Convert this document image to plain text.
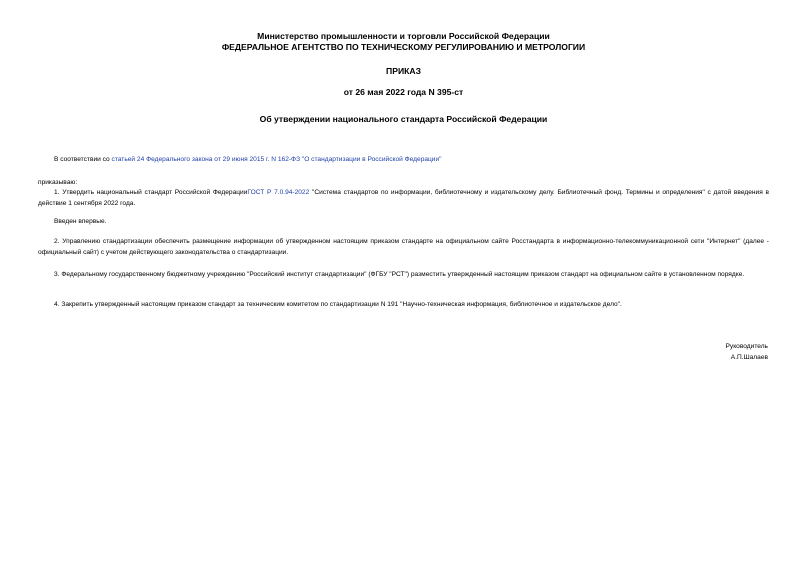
Министерство промышленности и торговли Российской Федерации
ФЕДЕРАЛЬНОЕ АГЕНТСТВО ПО ТЕХНИЧЕСКОМУ РЕГУЛИРОВАНИЮ И МЕТРОЛОГИИ
ПРИКАЗ
от 26 мая 2022 года N 395-ст
Об утверждении национального стандарта Российской Федерации
В соответствии со статьей 24 Федерального закона от 29 июня 2015 г. N 162-ФЗ "О стандартизации в Российской Федерации"
приказываю:
1. Утвердить национальный стандарт Российской ФедерацииГОСТ Р 7.0.94-2022 "Система стандартов по информации, библиотечному и издательскому делу. Библиотечный фонд. Термины и определения" с датой введения в действие 1 сентября 2022 года.
Введен впервые.
2. Управлению стандартизации обеспечить размещение информации об утвержденном настоящим приказом стандарте на официальном сайте Росстандарта в информационно-телекоммуникационной сети "Интернет" (далее - официальный сайт) с учетом действующего законодательства о стандартизации.
3. Федеральному государственному бюджетному учреждению "Российский институт стандартизации" (ФГБУ "РСТ") разместить утвержденный настоящим приказом стандарт на официальном сайте в установленном порядке.
4. Закрепить утвержденный настоящим приказом стандарт за техническим комитетом по стандартизации N 191 "Научно-техническая информация, библиотечное и издательское дело".
Руководитель
А.П.Шалаев
